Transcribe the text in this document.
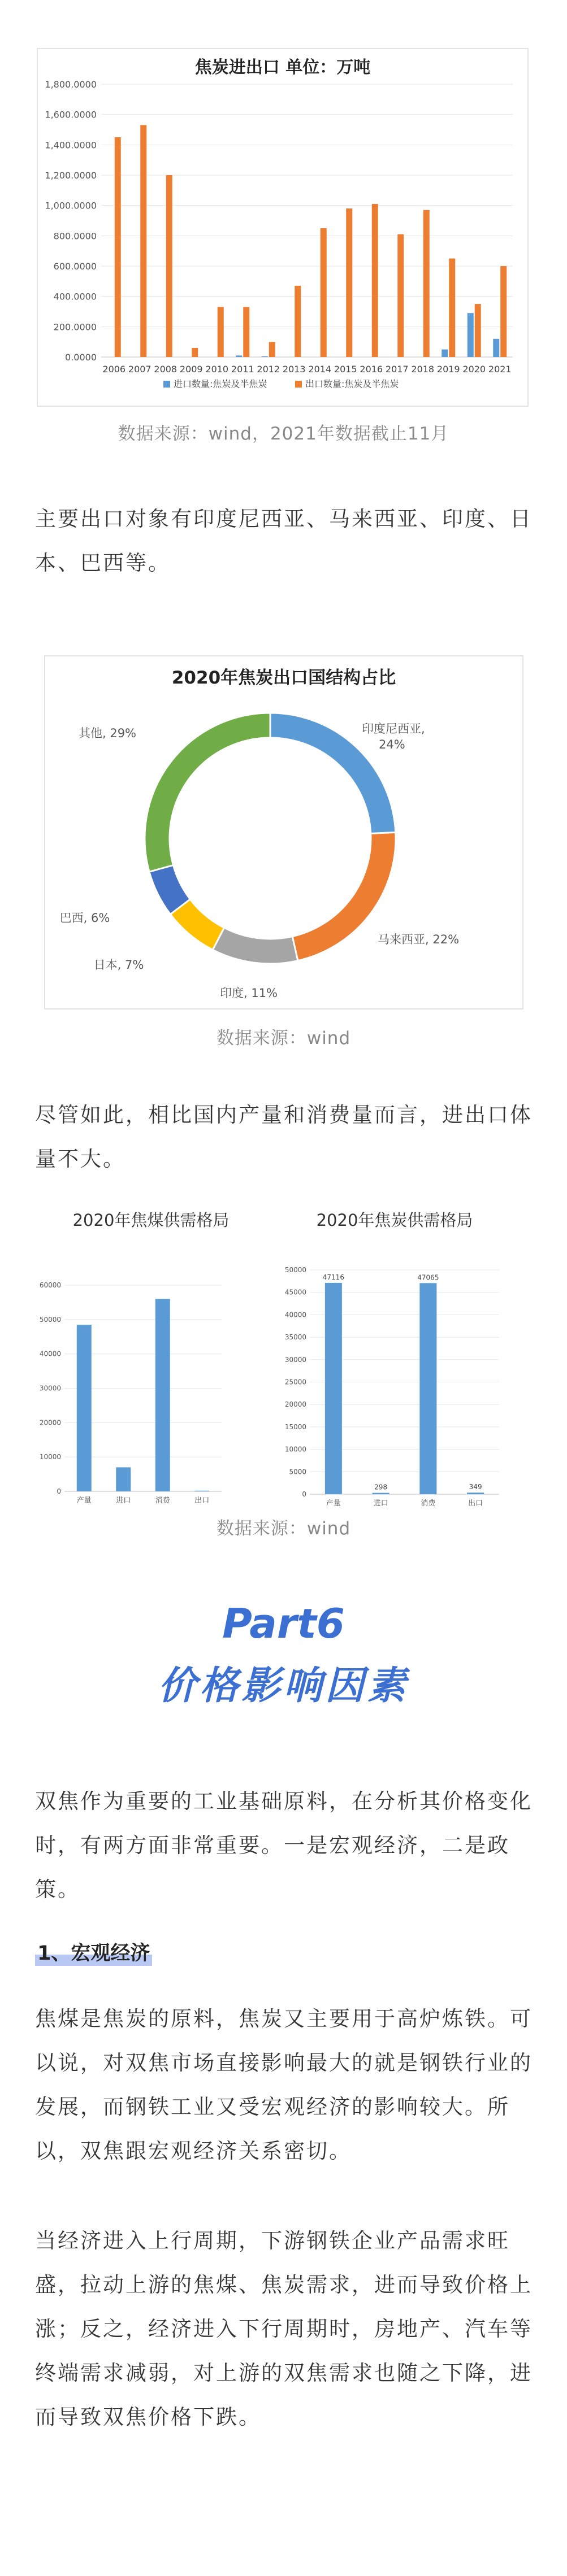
焦炭进出口 单位：万吨
0.0000
200.0000
400.0000
600.0000
800.0000
1,000.0000
1,200.0000
1,400.0000
1,600.0000
1,800.0000
2006 2007 2008 2009 2010 2011 2012 2013 2014 2015 2016 2017 2018 2019 2020 2021
进口数量:焦炭及半焦炭	出口数量:焦炭及半焦炭
数据来源：wind，2021年数据截止11月
主要出口对象有印度尼西亚、马来西亚、印度、日本、巴西等。
2020年焦炭出口国结构占比
印度尼西亚, 24%
马来西亚, 22%
印度, 11%
日本, 7%
巴西, 6%
其他, 29%
数据来源：wind
尽管如此，相比国内产量和消费量而言，进出口体量不大。
2020年焦煤供需格局
0
10000
20000
30000
40000
50000
60000
产量	进口	消费	出口
2020年焦炭供需格局
0
5000
10000
15000
20000
25000
30000
35000
40000
45000
50000
产量
47116
进口
298
消费
47065
出口
349
数据来源：wind
Part6
价格影响因素
双焦作为重要的工业基础原料，在分析其价格变化时，有两方面非常重要。一是宏观经济，二是政策。
1、宏观经济
焦煤是焦炭的原料，焦炭又主要用于高炉炼铁。可以说，对双焦市场直接影响最大的就是钢铁行业的发展，而钢铁工业又受宏观经济的影响较大。所以，双焦跟宏观经济关系密切。
当经济进入上行周期，下游钢铁企业产品需求旺盛，拉动上游的焦煤、焦炭需求，进而导致价格上涨；反之，经济进入下行周期时，房地产、汽车等终端需求减弱，对上游的双焦需求也随之下降，进而导致双焦价格下跌。
